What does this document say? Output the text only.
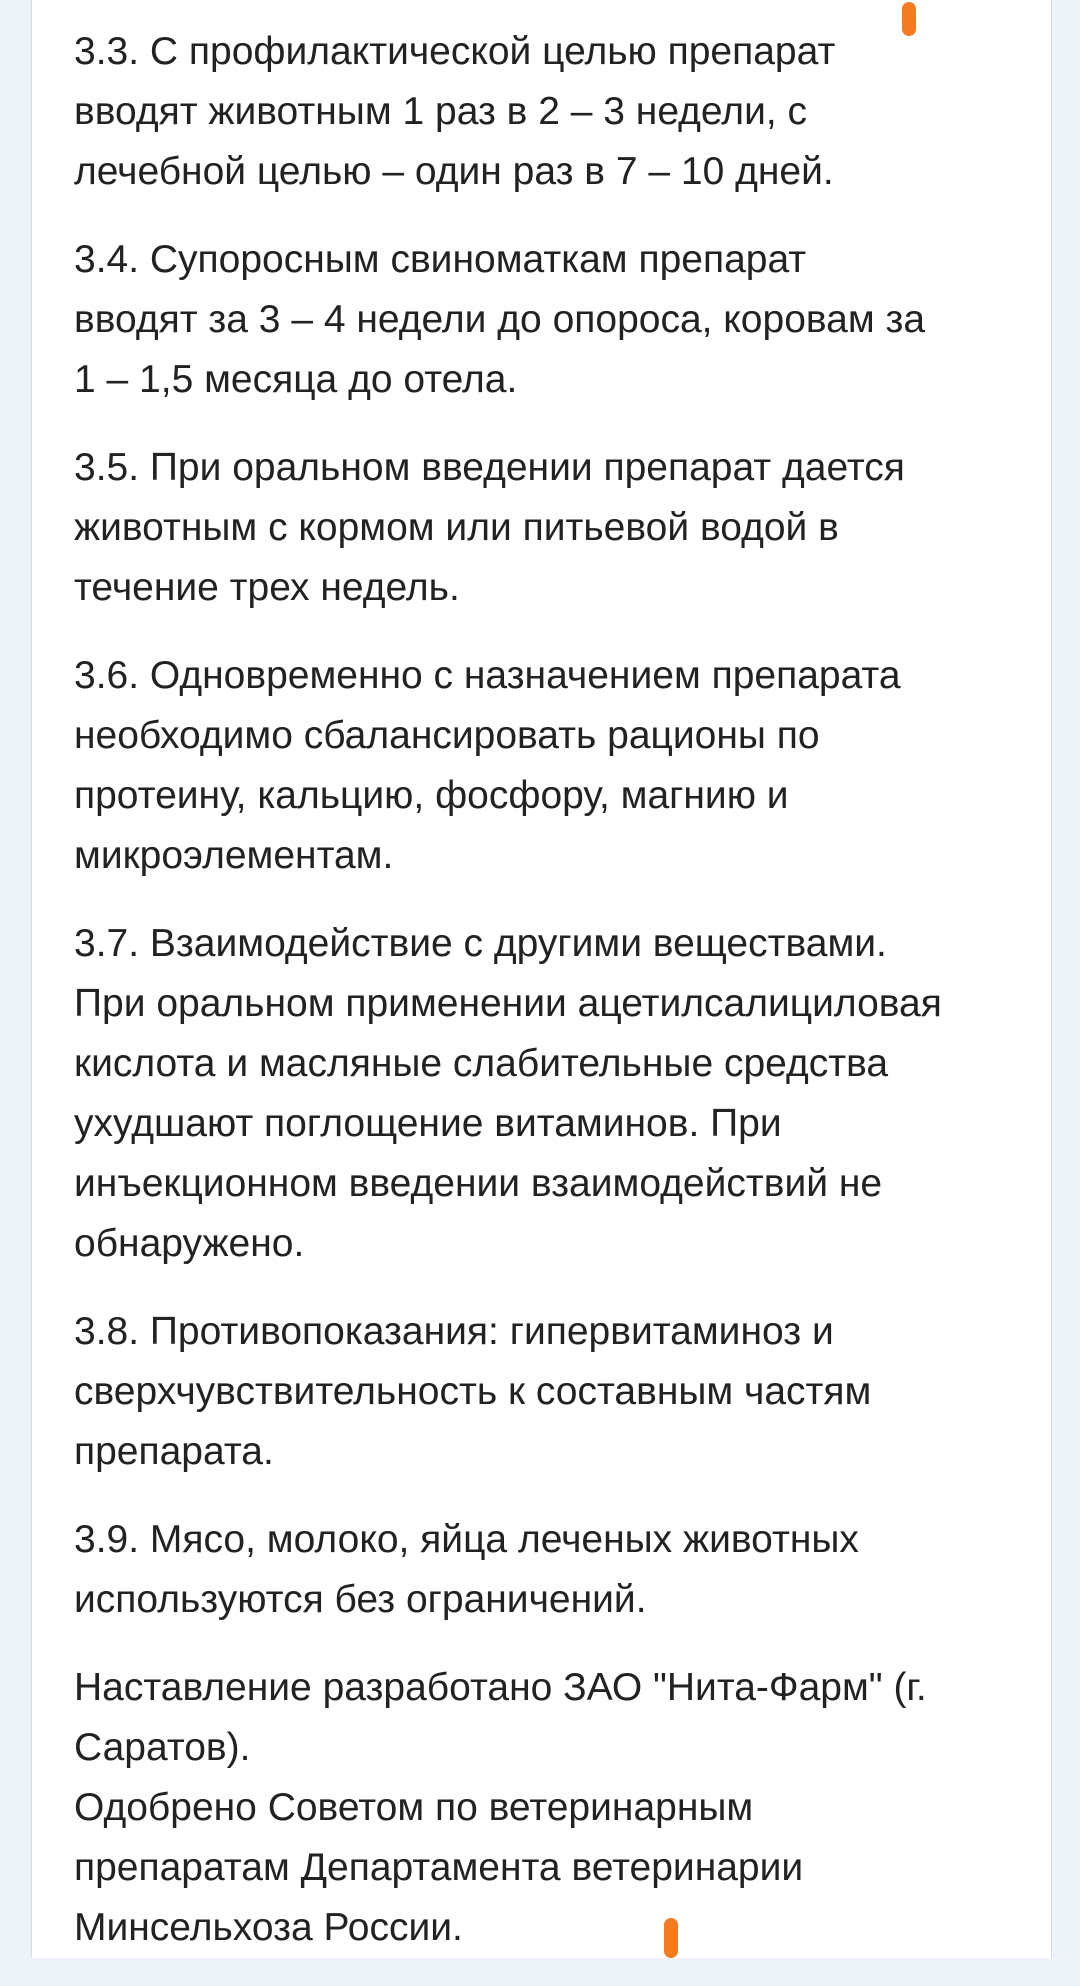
3.3. С профилактической целью препарат
вводят животным 1 раз в 2 – 3 недели, с
лечебной целью – один раз в 7 – 10 дней.

3.4. Супоросным свиноматкам препарат
вводят за 3 – 4 недели до опороса, коровам за
1 – 1,5 месяца до отела.

3.5. При оральном введении препарат дается
животным с кормом или питьевой водой в
течение трех недель.

3.6. Одновременно с назначением препарата
необходимо сбалансировать рационы по
протеину, кальцию, фосфору, магнию и
микроэлементам.

3.7. Взаимодействие с другими веществами.
При оральном применении ацетилсалициловая
кислота и масляные слабительные средства
ухудшают поглощение витаминов. При
инъекционном введении взаимодействий не
обнаружено.

3.8. Противопоказания: гипервитаминоз и
сверхчувствительность к составным частям
препарата.

3.9. Мясо, молоко, яйца леченых животных
используются без ограничений.

Наставление разработано ЗАО "Нита-Фарм" (г.
Саратов).
Одобрено Советом по ветеринарным
препаратам Департамента ветеринарии
Минсельхоза России.
